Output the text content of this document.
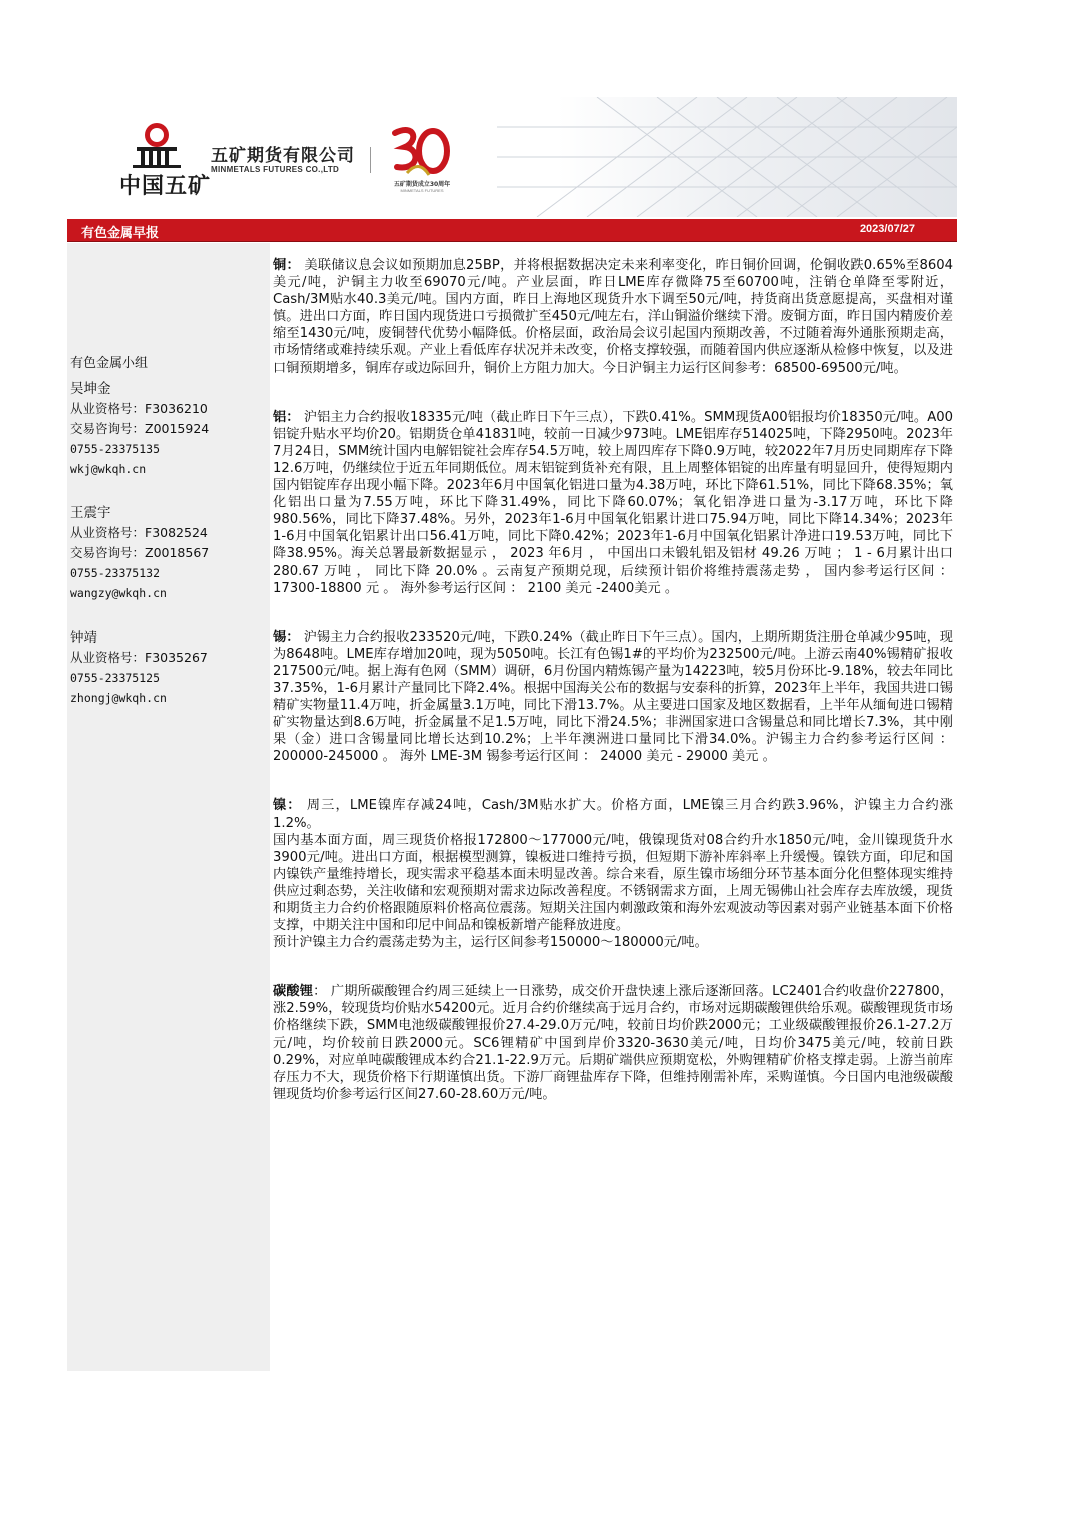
中国五矿
五矿期货有限公司
MINMETALS FUTURES CO.,LTD
五矿期货成立30周年
MINMETALS FUTURES
有色金属早报	2023/07/27
有色金属小组
吴坤金
从业资格号：F3036210
交易咨询号：Z0015924
0755-23375135
wkj@wkqh.cn
王震宇
从业资格号：F3082524
交易咨询号：Z0018567
0755-23375132
wangzy@wkqh.cn
钟靖
从业资格号：F3035267
0755-23375125
zhongj@wkqh.cn
铜： 美联储议息会议如预期加息25BP，并将根据数据决定未来利率变化，昨日铜价回调，伦铜收跌0.65%至8604美元/吨，沪铜主力收至69070元/吨。产业层面，昨日LME库存微降75至60700吨，注销仓单降至零附近，Cash/3M贴水40.3美元/吨。国内方面，昨日上海地区现货升水下调至50元/吨，持货商出货意愿提高，买盘相对谨慎。进出口方面，昨日国内现货进口亏损微扩至450元/吨左右，洋山铜溢价继续下滑。废铜方面，昨日国内精废价差缩至1430元/吨，废铜替代优势小幅降低。价格层面，政治局会议引起国内预期改善，不过随着海外通胀预期走高，市场情绪或难持续乐观。产业上看低库存状况并未改变，价格支撑较强，而随着国内供应逐渐从检修中恢复，以及进口铜预期增多，铜库存或边际回升，铜价上方阻力加大。今日沪铜主力运行区间参考：68500-69500元/吨。
铝： 沪铝主力合约报收18335元/吨（截止昨日下午三点），下跌0.41%。SMM现货A00铝报均价18350元/吨。A00铝锭升贴水平均价20。铝期货仓单41831吨，较前一日减少973吨。LME铝库存514025吨，下降2950吨。2023年7月24日，SMM统计国内电解铝锭社会库存54.5万吨，较上周四库存下降0.9万吨，较2022年7月历史同期库存下降12.6万吨，仍继续位于近五年同期低位。周末铝锭到货补充有限，且上周整体铝锭的出库量有明显回升，使得短期内国内铝锭库存出现小幅下降。2023年6月中国氧化铝进口量为4.38万吨，环比下降61.51%，同比下降68.35%；氧化铝出口量为7.55万吨，环比下降31.49%，同比下降60.07%；氧化铝净进口量为-3.17万吨，环比下降980.56%，同比下降37.48%。另外，2023年1-6月中国氧化铝累计进口75.94万吨，同比下降14.34%；2023年1-6月中国氧化铝累计出口56.41万吨，同比下降0.42%；2023年1-6月中国氧化铝累计净进口19.53万吨，同比下降38.95%。海关总署最新数据显示 ， 2023 年6月 ， 中国出口未锻轧铝及铝材 49.26 万吨 ； 1 - 6月累计出口 280.67 万吨 ， 同比下降 20.0% 。云南复产预期兑现，后续预计铝价将维持震荡走势 ， 国内参考运行区间 ： 17300-18800 元 。 海外参考运行区间 ： 2100 美元 -2400美元 。
锡： 沪锡主力合约报收233520元/吨，下跌0.24%（截止昨日下午三点）。国内，上期所期货注册仓单减少95吨，现为8648吨。LME库存增加20吨，现为5050吨。长江有色锡1#的平均价为232500元/吨。上游云南40%锡精矿报收217500元/吨。据上海有色网（SMM）调研，6月份国内精炼锡产量为14223吨，较5月份环比-9.18%，较去年同比37.35%，1-6月累计产量同比下降2.4%。根据中国海关公布的数据与安泰科的折算，2023年上半年，我国共进口锡精矿实物量11.4万吨，折金属量3.1万吨，同比下滑13.7%。从主要进口国家及地区数据看，上半年从缅甸进口锡精矿实物量达到8.6万吨，折金属量不足1.5万吨，同比下滑24.5%；非洲国家进口含锡量总和同比增长7.3%，其中刚果（金）进口含锡量同比增长达到10.2%；上半年澳洲进口量同比下滑34.0%。沪锡主力合约参考运行区间 ： 200000-245000 。 海外 LME-3M 锡参考运行区间 ： 24000 美元 - 29000 美元 。

镍： 周三，LME镍库存减24吨，Cash/3M贴水扩大。价格方面，LME镍三月合约跌3.96%，沪镍主力合约涨1.2%。

国内基本面方面，周三现货价格报172800～177000元/吨，俄镍现货对08合约升水1850元/吨，金川镍现货升水3900元/吨。进出口方面，根据模型测算，镍板进口维持亏损，但短期下游补库斜率上升缓慢。镍铁方面，印尼和国内镍铁产量维持增长，现实需求平稳基本面未明显改善。综合来看，原生镍市场细分环节基本面分化但整体现实维持供应过剩态势，关注收储和宏观预期对需求边际改善程度。不锈钢需求方面，上周无锡佛山社会库存去库放缓，现货和期货主力合约价格跟随原料价格高位震荡。短期关注国内刺激政策和海外宏观波动等因素对弱产业链基本面下价格支撑，中期关注中国和印尼中间品和镍板新增产能释放进度。

预计沪镍主力合约震荡走势为主，运行区间参考150000～180000元/吨。

碳酸锂： 广期所碳酸锂合约周三延续上一日涨势，成交价开盘快速上涨后逐渐回落。LC2401合约收盘价227800，涨2.59%，较现货均价贴水54200元。近月合约价继续高于远月合约，市场对远期碳酸锂供给乐观。碳酸锂现货市场价格继续下跌，SMM电池级碳酸锂报价27.4-29.0万元/吨，较前日均价跌2000元；工业级碳酸锂报价26.1-27.2万元/吨，均价较前日跌2000元。SC6锂精矿中国到岸价3320-3630美元/吨，日均价3475美元/吨，较前日跌0.29%，对应单吨碳酸锂成本约合21.1-22.9万元。后期矿端供应预期宽松，外购锂精矿价格支撑走弱。上游当前库存压力不大，现货价格下行期谨慎出货。下游厂商锂盐库存下降，但维持刚需补库，采购谨慎。今日国内电池级碳酸锂现货均价参考运行区间27.60-28.60万元/吨。
